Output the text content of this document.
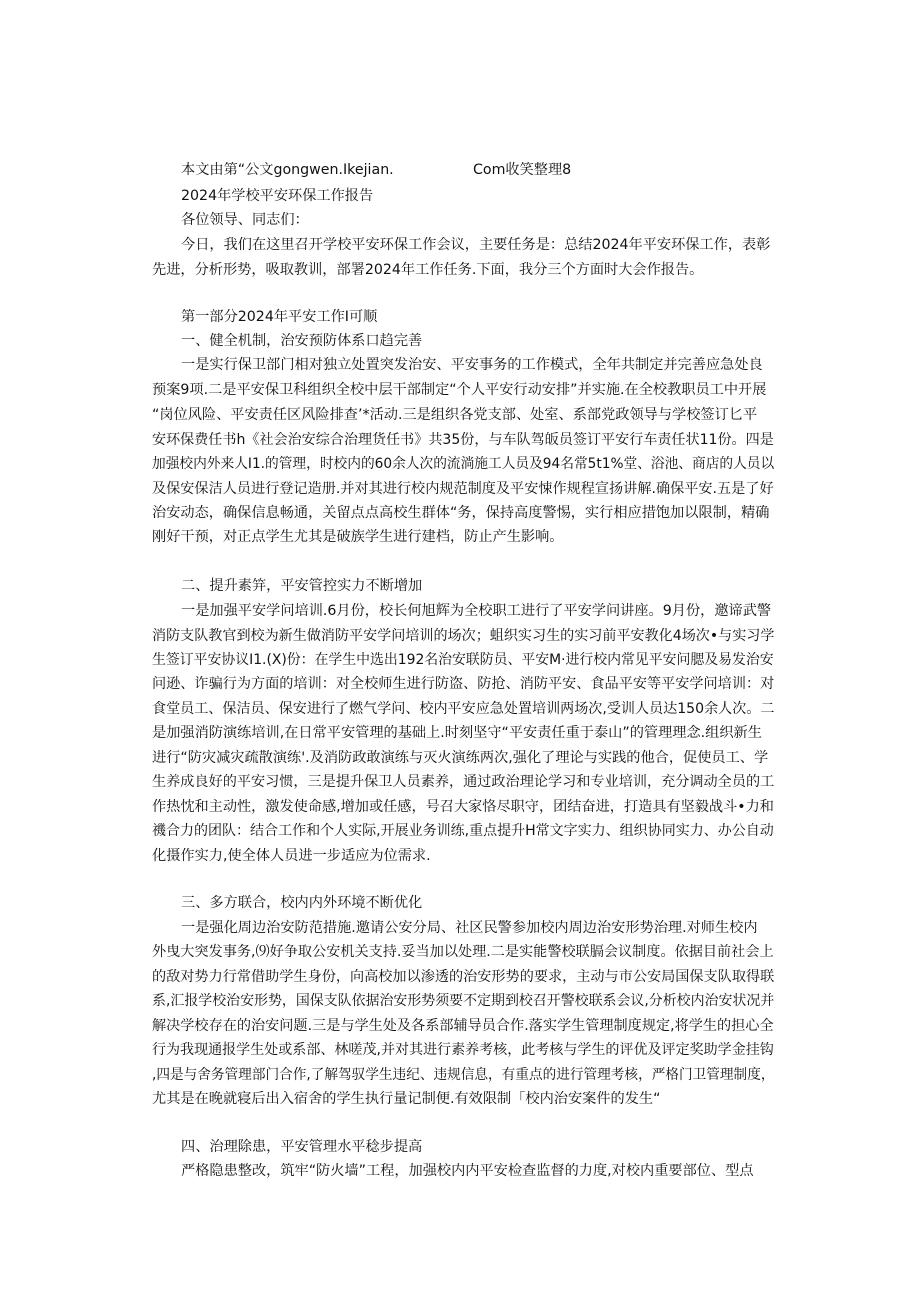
本文由第“公文gongwen.Ikejian.	Com收笑整理8
2024年学校平安环保工作报告
各位领导、同志们：
今日，我们在这里召开学校平安环保工作会议，主要任务是：总结2024年平安环保工作，表彰
先进，分析形势，吸取教训，部署2024年工作任务.下面，我分三个方面时大会作报告。
第一部分2024年平安工作I可顺
一、健全机制，治安预防体系口趋完善
一是实行保卫部门相对独立处置突发治安、平安事务的工作模式，全年共制定并完善应急处良
预案9项.二是平安保卫科组织全校中层干部制定“个人平安行动安排”并实施.在全校教职员工中开展
“岗位风险、平安责任区风险排查’*活动.三是组织各党支部、处室、系部党政领导与学校签订匕平
安环保费任书h《社会治安综合治理货任书》共35份，与车队驾皈员签订平安行车责任状11份。四是
加强校内外来人I1.的管理，时校内的60余人次的流淌施工人员及94名常5t1%堂、浴池、商店的人员以
及保安保洁人员进行登记造册.并对其进行校内规范制度及平安悚作规程宣扬讲解.确保平安.五是了好
治安动态，确保信息畅通，关留点点高校生群体“务，保持高度警惕，实行相应措饱加以限制，精确
刚好干预，对正点学生尤其是破族学生进行建档，防止产生影响。
二、提升素笄，平安管控实力不断增加
一是加强平安学问培训.6月份，校长何旭辉为全校职工进行了平安学问讲座。9月份，邀谛武警
消防支队教官到校为新生做消防平安学问培训的场次；蛆织实习生的实习前平安教化4场次•与实习学
生签订平安协议I1.(X)份：在学生中选出192名治安联防员、平安M·进行校内常见平安问腮及易发治安
问逊、诈骗行为方面的培训：对全校师生进行防盗、防抢、消防平安、食品平安等平安学问培训：对
食堂员工、保洁员、保安进行了燃气学问、校内平安应急处置培训两场次,受训人员达150余人次。二
是加强消防演练培训,在日常平安管理的基础上.时刻坚守“平安责任重于泰山”的管理理念.组织新生
进行“防灾减灾疏散演练'.及消防政敢演练与灭火演练两次,强化了理论与实践的他合，促使员工、学
生养成良好的平安习惯，三是提升保卫人员素养，通过政治理论学习和专业培训，充分调动全员的工
作热忱和主动性，激发使命感,增加或任感，号召大家恪尽职守，团结奋进，打造具有坚毅战斗•力和
禨合力的团队：结合工作和个人实际,开展业务训练,重点提升H常文字实力、组织协同实力、办公自动
化摄作实力,使全体人员进一步适应为位需求.
三、多方联合，校内内外环境不断优化
一是强化周边治安防范措施.邀请公安分局、社区民警参加校内周边治安形势治理.对师生校内
外曳大突发事务,⑼好争取公安机关支持.妥当加以处理.二是实能警校联膈会议制度。依据目前社会上
的敌对势力行常借助学生身份，向高校加以渗透的治安形势的要求，主动与市公安局国保支队取得联
系,汇报学校治安形势，国保支队依据治安形势须要不定期到校召开警校联系会议,分析校内治安状况并
解决学校存在的治安问题.三是与学生处及各系部辅导员合作.落实学生管理制度规定,将学生的担心全
行为我现通报学生处或系部、林嗟茂,并对其进行素养考核，此考核与学生的评优及评定奖助学金挂钩
,四是与舍务管理部门合作,了解驾驭学生违纪、违规信息，有重点的进行管理考核，严格门卫管理制度，
尤其是在晚就寝后出入宿舍的学生执行量记制便.有效限制「校内治安案件的发生“
四、治理除患，平安管理水平稔步提高
严格隐患整改，筑牢“防火墙”工程，加强校内内平安检查监督的力度,对校内重要部位、型点
